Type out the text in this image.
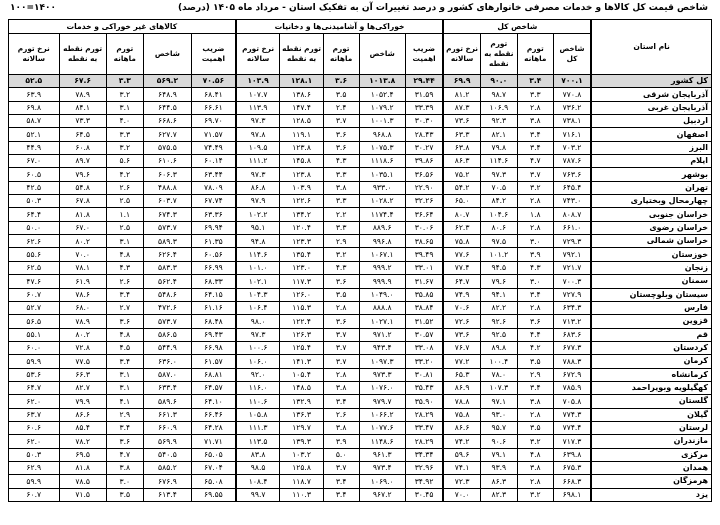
شاخص قیمت کل کالاها و خدمات مصرفی خانوارهای کشور و درصد تغییرات آن به تفکیک استان - مرداد ماه ۱۴۰۵ (درصد)
۱۴۰۰=۱۰۰
نام استان	شاخص کل				خوراکی‌ها و آشامیدنی‌ها و دخانیات					کالاهای غیر خوراکی و خدمات				
	شاخص کل	تورم ماهانه	تورم نقطه به نقطه	نرخ تورم سالانه	ضریب اهمیت	شاخص	تورم ماهانه	تورم نقطه به نقطه	نرخ تورم سالانه	ضریب اهمیت	شاخص	تورم ماهانه	تورم نقطه به نقطه	نرخ تورم سالانه
کل کشور	۷۰۰.۱	۳.۴	۹۰.۰	۶۹.۹	۲۹.۴۴	۱۰۱۳.۸	۳.۶	۱۲۸.۱	۱۰۳.۹	۷۰.۵۶	۵۶۹.۲	۳.۳	۶۷.۶	۵۲.۵
آذربایجان شرقی	۷۷۰.۸	۳.۳	۹۸.۷	۸۱.۲	۳۱.۵۹	۱۰۵۲.۴	۳.۵	۱۳۸.۶	۱۰۷.۷	۶۸.۴۱	۶۴۸.۹	۳.۲	۷۸.۹	۶۳.۹
آذربایجان غربی	۷۳۶.۲	۲.۸	۱۰۶.۹	۸۷.۳	۳۳.۳۹	۱۰۷۹.۲	۲.۴	۱۴۷.۴	۱۱۳.۹	۶۶.۶۱	۶۴۴.۵	۳.۱	۸۴.۱	۶۹.۸
اردبیل	۷۳۸.۱	۳.۸	۹۲.۳	۷۳.۶	۳۰.۳۰	۱۰۰۱.۳	۳.۷	۱۲۸.۵	۹۷.۳	۶۹.۷۰	۶۶۸.۶	۴.۰	۷۳.۳	۵۸.۷
اصفهان	۷۱۶.۱	۳.۴	۸۲.۱	۶۳.۳	۲۸.۴۳	۹۶۸.۸	۳.۶	۱۱۹.۱	۹۷.۸	۷۱.۵۷	۶۲۷.۷	۳.۳	۶۴.۵	۵۲.۱
البرز	۷۰۳.۲	۳.۴	۷۹.۸	۶۳.۸	۳۰.۲۷	۱۰۷۵.۳	۳.۶	۱۲۳.۸	۱۰۹.۵	۷۴.۴۹	۵۷۵.۵	۳.۲	۶۰.۸	۴۴.۹
ایلام	۷۸۷.۶	۴.۷	۱۱۴.۶	۸۶.۳	۳۹.۸۶	۱۱۱۸.۶	۴.۳	۱۴۵.۸	۱۱۱.۲	۶۰.۱۴	۶۱۰.۶	۵.۶	۸۹.۷	۶۷.۰
بوشهر	۷۶۳.۶	۳.۷	۹۷.۳	۷۵.۲	۳۶.۵۶	۱۰۳۵.۱	۳.۳	۱۲۳.۸	۹۷.۳	۶۳.۴۴	۶۰۶.۳	۴.۲	۷۹.۶	۶۰.۵
تهران	۶۴۵.۴	۳.۲	۷۰.۵	۵۴.۲	۲۲.۹۰	۹۳۳.۰	۳.۸	۱۰۳.۹	۸۶.۸	۷۸.۰۹	۴۸۸.۸	۲.۶	۵۴.۸	۴۲.۵
چهارمحال وبختیاری	۷۴۳.۰	۲.۸	۸۴.۲	۶۵.۰	۳۲.۲۶	۱۰۲۸.۲	۳.۳	۱۲۲.۶	۹۷.۹	۶۷.۷۴	۶۰۳.۷	۲.۵	۶۷.۸	۵۰.۳
خراسان جنوبی	۸۰۸.۷	۱.۸	۱۰۴.۶	۸۰.۷	۳۶.۶۴	۱۱۷۴.۴	۲.۲	۱۳۴.۲	۱۰۲.۲	۶۳.۳۶	۶۷۴.۳	۱.۱	۸۱.۸	۶۴.۴
خراسان رضوی	۶۶۱.۰	۲.۸	۸۰.۶	۶۲.۳	۳۰.۰۶	۸۸۹.۶	۳.۳	۱۲۰.۴	۹۵.۱	۶۹.۹۴	۵۷۳.۷	۲.۵	۶۷.۰	۵۰.۰
خراسان شمالی	۷۲۹.۳	۳.۰	۹۷.۵	۷۵.۸	۳۸.۶۵	۹۹۶.۸	۲.۹	۱۲۳.۳	۹۴.۸	۶۱.۳۵	۵۸۹.۳	۳.۱	۸۰.۲	۶۲.۶
خوزستان	۷۹۲.۱	۳.۹	۱۰۱.۲	۷۷.۶	۳۹.۴۹	۱۰۶۷.۱	۳.۲	۱۳۵.۴	۱۱۴.۶	۶۰.۵۶	۶۲۶.۴	۴.۸	۷۰.۰	۵۵.۶
زنجان	۷۲۱.۷	۴.۳	۹۴.۵	۷۷.۴	۳۳.۰۱	۹۹۹.۲	۴.۳	۱۲۳.۰	۱۰۱.۰	۶۶.۹۹	۵۸۳.۳	۴.۳	۷۸.۱	۶۲.۵
سمنان	۷۰۰.۳	۳.۰	۷۹.۶	۶۴.۷	۳۱.۶۷	۹۹۹.۹	۳.۶	۱۱۷.۳	۱۰۲.۱	۶۸.۳۳	۵۶۲.۴	۲.۶	۶۱.۹	۴۷.۶
سیستان وبلوچستان	۷۲۷.۹	۳.۴	۹۴.۱	۷۴.۹	۳۵.۸۵	۱۰۴۹.۰	۳.۵	۱۲۶.۰	۱۰۴.۳	۶۴.۱۵	۵۴۸.۶	۳.۴	۷۸.۶	۶۰.۷
فارس	۶۳۴.۳	۲.۸	۸۲.۲	۷۰.۶	۳۸.۸۴	۸۸۸.۸	۲.۸	۱۱۵.۳	۱۰۶.۴	۶۱.۱۶	۴۷۲.۶	۲.۷	۶۸.۰	۵۲.۷
قزوین	۷۱۳.۲	۳.۶	۹۲.۶	۷۲.۶	۳۱.۵۲	۱۰۲۷.۱	۳.۶	۱۲۲.۴	۹۸.۰	۶۸.۴۸	۵۷۳.۷	۳.۶	۷۸.۹	۵۶.۵
قم	۶۸۳.۶	۴.۴	۹۲.۵	۷۳.۶	۳۰.۵۷	۹۷۱.۲	۳.۷	۱۲۶.۳	۹۷.۳	۶۹.۴۳	۵۸۶.۵	۴.۸	۸۰.۲	۵۵.۱
کردستان	۶۷۷.۳	۴.۲	۸۹.۸	۷۶.۷	۳۳.۰۸	۹۴۳.۴	۳.۷	۱۲۵.۴	۱۰۰.۶	۶۶.۹۸	۵۴۴.۹	۴.۵	۷۲.۸	۶۰.۰
کرمان	۷۸۸.۳	۳.۵	۱۰۰.۴	۷۷.۲	۳۳.۲۰	۱۰۹۷.۳	۳.۷	۱۴۱.۳	۱۰۶.۰	۶۱.۵۷	۶۳۶.۰	۳.۴	۷۷.۵	۵۹.۹
کرمانشاه	۶۷۲.۹	۲.۹	۷۸.۰	۶۵.۳	۳۰.۸۱	۹۷۳.۳	۲.۸	۱۰۵.۴	۹۲.۰	۶۸.۸۱	۵۸۷.۰	۳.۱	۶۶.۳	۵۳.۶
کهگیلویه وبویراحمد	۷۸۵.۹	۳.۴	۱۰۷.۳	۸۶.۹	۳۵.۴۳	۱۰۷۶.۰	۳.۸	۱۴۸.۵	۱۱۶.۰	۶۴.۵۷	۶۳۳.۴	۳.۱	۸۲.۷	۶۴.۷
گلستان	۷۰۵.۸	۳.۸	۹۷.۱	۷۸.۸	۳۵.۹۰	۹۷۹.۷	۳.۴	۱۳۲.۹	۱۱۰.۶	۶۴.۱۰	۵۸۹.۶	۴.۱	۷۹.۹	۶۲.۰
گیلان	۷۷۴.۳	۲.۸	۹۳.۰	۷۵.۸	۲۸.۲۹	۱۰۶۶.۲	۲.۶	۱۳۶.۳	۱۰۵.۸	۶۶.۴۶	۶۶۱.۳	۲.۹	۸۶.۶	۶۳.۷
لرستان	۷۷۴.۴	۳.۵	۹۵.۷	۸۶.۶	۳۳.۴۷	۱۰۷۷.۶	۳.۸	۱۲۹.۷	۱۱۱.۳	۶۴.۲۸	۶۶۰.۹	۳.۴	۸۵.۴	۶۰.۶
مازندران	۷۱۷.۳	۳.۲	۹۰.۶	۷۴.۲	۲۸.۲۹	۱۱۴۸.۶	۳.۹	۱۳۹.۳	۱۱۳.۵	۷۱.۷۱	۵۶۹.۹	۳.۶	۷۸.۲	۶۲.۰
مرکزی	۶۳۹.۸	۴.۸	۷۹.۱	۵۹.۶	۳۴.۳۴	۹۶۱.۳	۵.۰	۱۰۳.۲	۸۳.۸	۶۵.۰۵	۵۴۰.۵	۴.۷	۶۹.۵	۵۰.۳
همدان	۶۷۵.۳	۳.۸	۹۳.۹	۷۴.۱	۳۲.۹۶	۹۷۳.۴	۳.۷	۱۲۵.۸	۹۸.۵	۶۷.۰۴	۵۸۵.۲	۳.۸	۸۱.۸	۶۲.۹
هرمزگان	۶۶۸.۳	۲.۸	۸۶.۳	۷۲.۳	۳۴.۹۲	۱۰۶۹.۰	۳.۴	۱۱۸.۷	۱۰۸.۴	۶۵.۰۸	۶۷۶.۹	۳.۰	۷۸.۵	۵۹.۹
یزد	۶۹۸.۱	۳.۲	۸۲.۳	۷۰.۰	۳۰.۴۵	۹۶۷.۲	۳.۴	۱۱۰.۳	۹۹.۷	۶۹.۵۵	۶۱۳.۴	۳.۵	۷۱.۵	۶۰.۷
